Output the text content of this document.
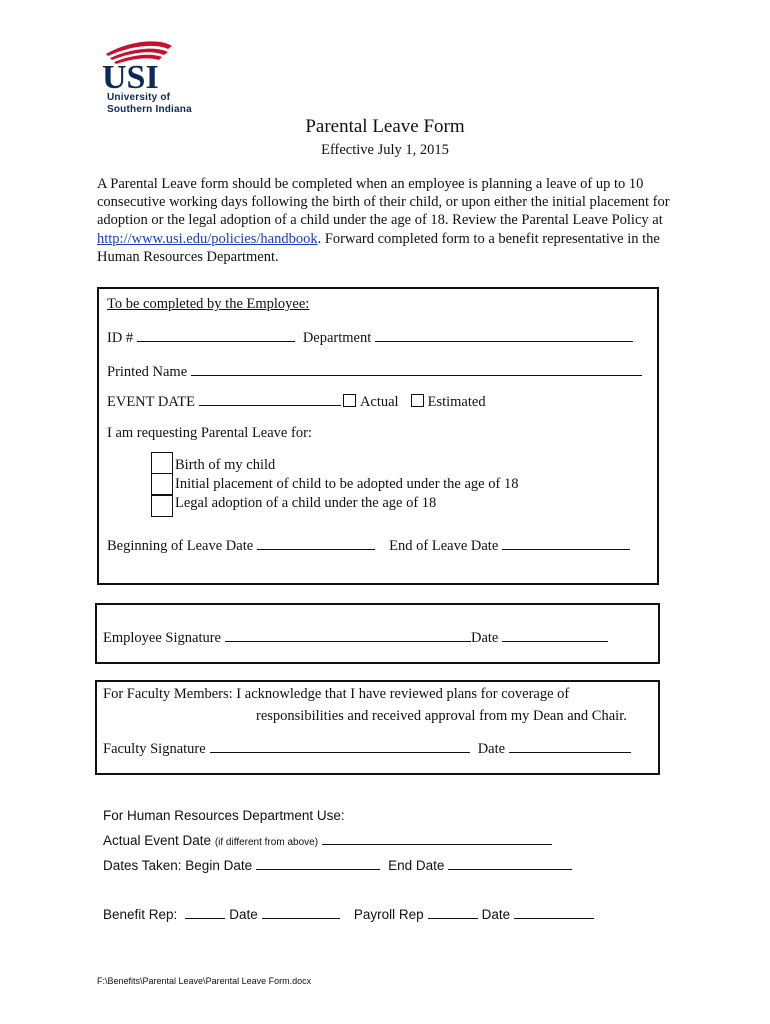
USI
University of
Southern Indiana
Parental Leave Form
Effective July 1, 2015
A Parental Leave form should be completed when an employee is planning a leave of up to 10 consecutive working days following the birth of their child, or upon either the initial placement for adoption or the legal adoption of a child under the age of 18. Review the Parental Leave Policy at http://www.usi.edu/policies/handbook. Forward completed form to a benefit representative in the Human Resources Department.
To be completed by the Employee:
ID #	Department
Printed Name
EVENT DATE	Actual Estimated
I am requesting Parental Leave for:
Birth of my child
Initial placement of child to be adopted under the age of 18
Legal adoption of a child under the age of 18
Beginning of Leave Date	End of Leave Date
Employee Signature	Date
For Faculty Members: I acknowledge that I have reviewed plans for coverage of
responsibilities and received approval from my Dean and Chair.
Faculty Signature	Date
For Human Resources Department Use:
Actual Event Date (if different from above)
Dates Taken: Begin Date	End Date
Benefit Rep:	Date	Payroll Rep	Date
F:\Benefits\Parental Leave\Parental Leave Form.docx
